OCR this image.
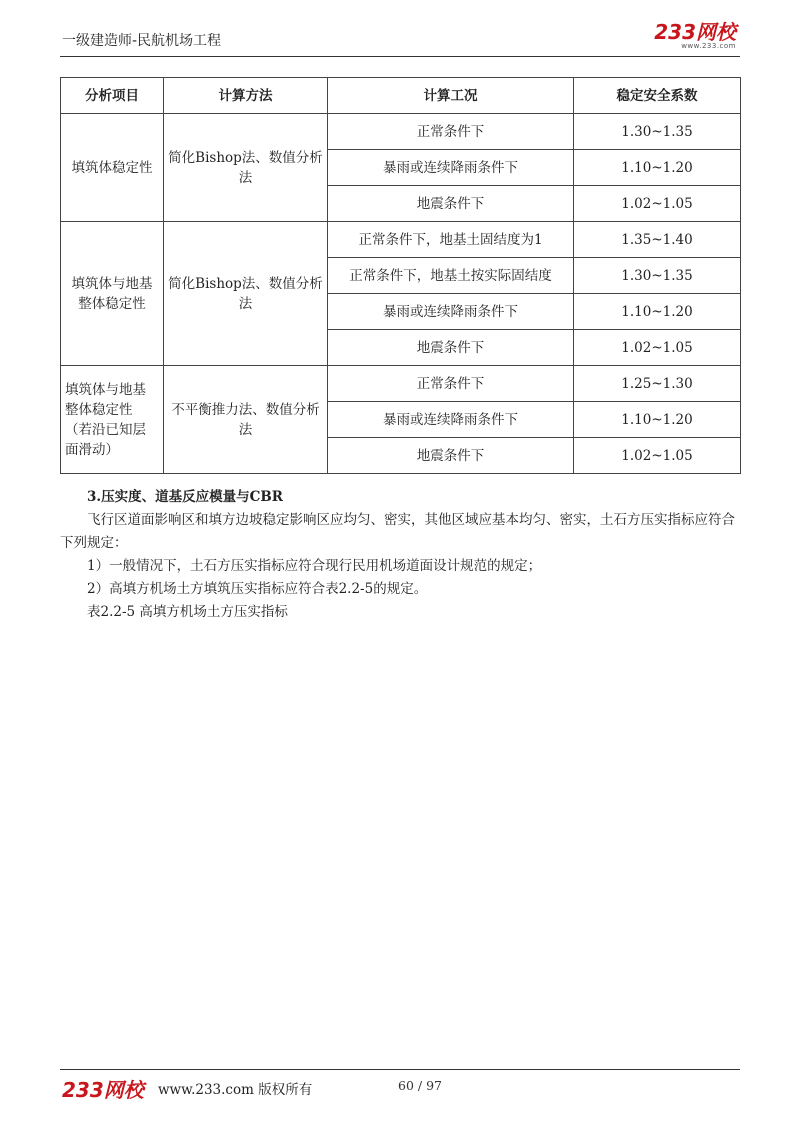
一级建造师-民航机场工程	233网校
www.233.com
分析项目	计算方法	计算工况	稳定安全系数
填筑体稳定性	简化Bishop法、数值分析法	正常条件下	1.30~1.35
		暴雨或连续降雨条件下	1.10~1.20
		地震条件下	1.02~1.05
填筑体与地基整体稳定性	简化Bishop法、数值分析法	正常条件下，地基土固结度为1	1.35~1.40
		正常条件下，地基土按实际固结度	1.30~1.35
		暴雨或连续降雨条件下	1.10~1.20
		地震条件下	1.02~1.05
填筑体与地基整体稳定性（若沿已知层面滑动）	不平衡推力法、数值分析法	正常条件下	1.25~1.30
		暴雨或连续降雨条件下	1.10~1.20
		地震条件下	1.02~1.05

3.压实度、道基反应模量与CBR

飞行区道面影响区和填方边坡稳定影响区应均匀、密实，其他区域应基本均匀、密实，土石方压实指标应符合下列规定：

1）一般情况下，土石方压实指标应符合现行民用机场道面设计规范的规定；

2）高填方机场土方填筑压实指标应符合表2.2-5的规定。

表2.2-5 高填方机场土方压实指标

233网校 www.233.com 版权所有	60 / 97
